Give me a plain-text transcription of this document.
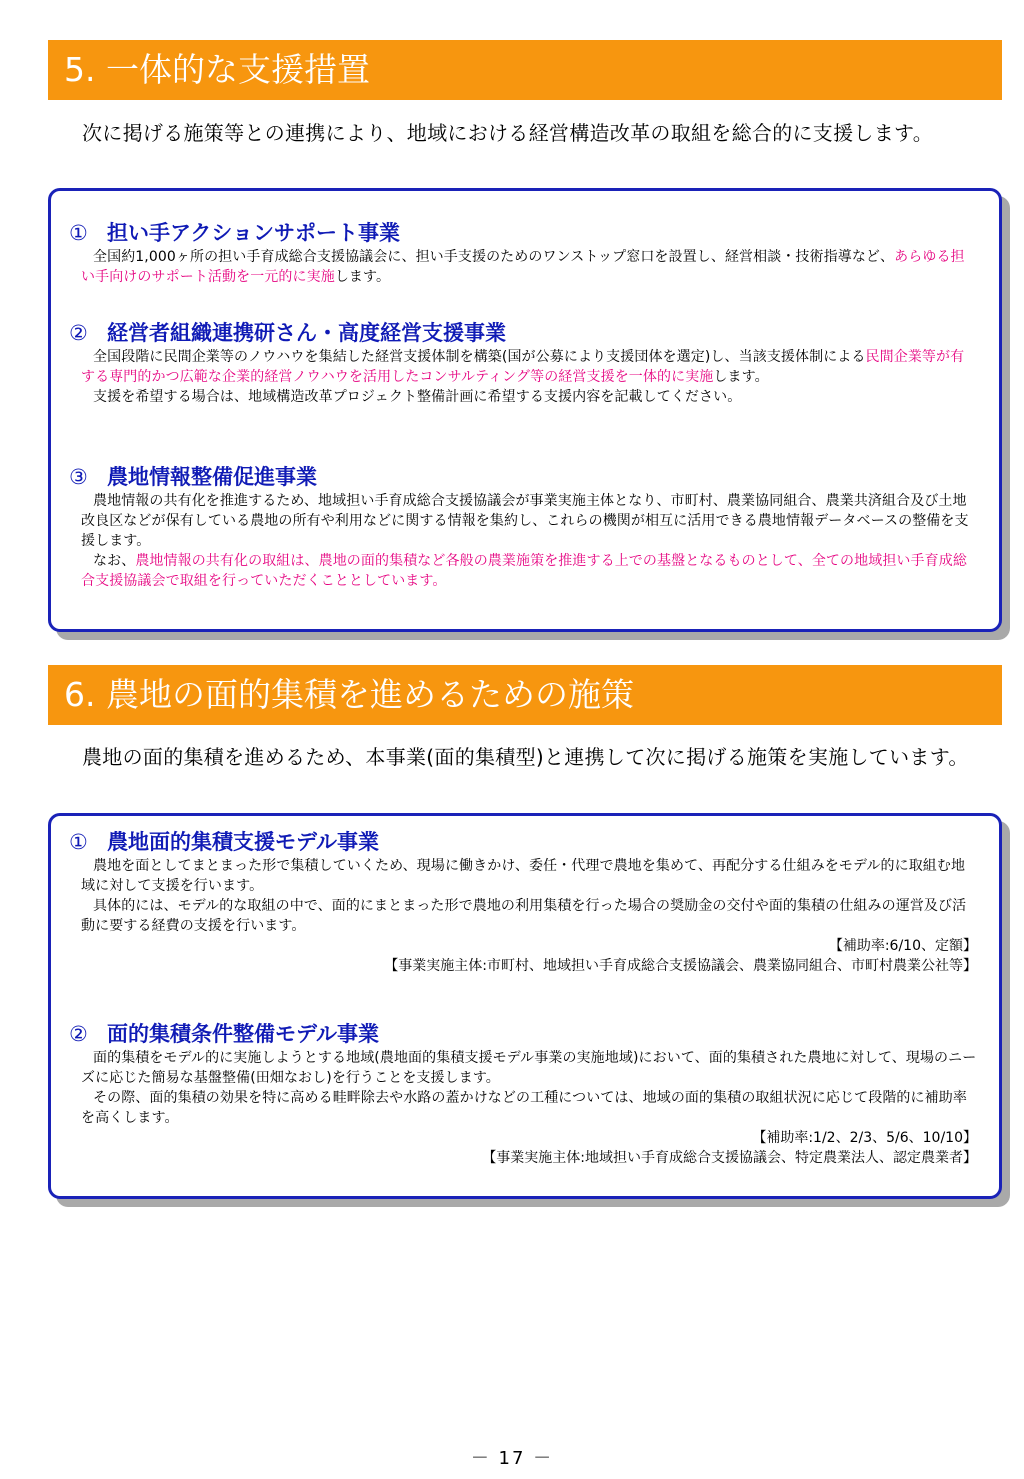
5. 一体的な支援措置
次に掲げる施策等との連携により、地域における経営構造改革の取組を総合的に支援します。
① 担い手アクションサポート事業
全国約1,000ヶ所の担い手育成総合支援協議会に、担い手支援のためのワンストップ窓口を設置し、経営相談・技術指導など、あらゆる担い手向けのサポート活動を一元的に実施します。
② 経営者組織連携研さん・高度経営支援事業
全国段階に民間企業等のノウハウを集結した経営支援体制を構築(国が公募により支援団体を選定)し、当該支援体制による民間企業等が有する専門的かつ広範な企業的経営ノウハウを活用したコンサルティング等の経営支援を一体的に実施します。
支援を希望する場合は、地域構造改革プロジェクト整備計画に希望する支援内容を記載してください。
③ 農地情報整備促進事業
農地情報の共有化を推進するため、地域担い手育成総合支援協議会が事業実施主体となり、市町村、農業協同組合、農業共済組合及び土地改良区などが保有している農地の所有や利用などに関する情報を集約し、これらの機関が相互に活用できる農地情報データベースの整備を支援します。
なお、農地情報の共有化の取組は、農地の面的集積など各般の農業施策を推進する上での基盤となるものとして、全ての地域担い手育成総合支援協議会で取組を行っていただくこととしています。
6. 農地の面的集積を進めるための施策
農地の面的集積を進めるため、本事業(面的集積型)と連携して次に掲げる施策を実施しています。
① 農地面的集積支援モデル事業
農地を面としてまとまった形で集積していくため、現場に働きかけ、委任・代理で農地を集めて、再配分する仕組みをモデル的に取組む地域に対して支援を行います。
具体的には、モデル的な取組の中で、面的にまとまった形で農地の利用集積を行った場合の奨励金の交付や面的集積の仕組みの運営及び活動に要する経費の支援を行います。
【補助率:6/10、定額】
【事業実施主体:市町村、地域担い手育成総合支援協議会、農業協同組合、市町村農業公社等】
② 面的集積条件整備モデル事業
面的集積をモデル的に実施しようとする地域(農地面的集積支援モデル事業の実施地域)において、面的集積された農地に対して、現場のニーズに応じた簡易な基盤整備(田畑なおし)を行うことを支援します。
その際、面的集積の効果を特に高める畦畔除去や水路の蓋かけなどの工種については、地域の面的集積の取組状況に応じて段階的に補助率を高くします。
【補助率:1/2、2/3、5/6、10/10】
【事業実施主体:地域担い手育成総合支援協議会、特定農業法人、認定農業者】
－ 17 －
